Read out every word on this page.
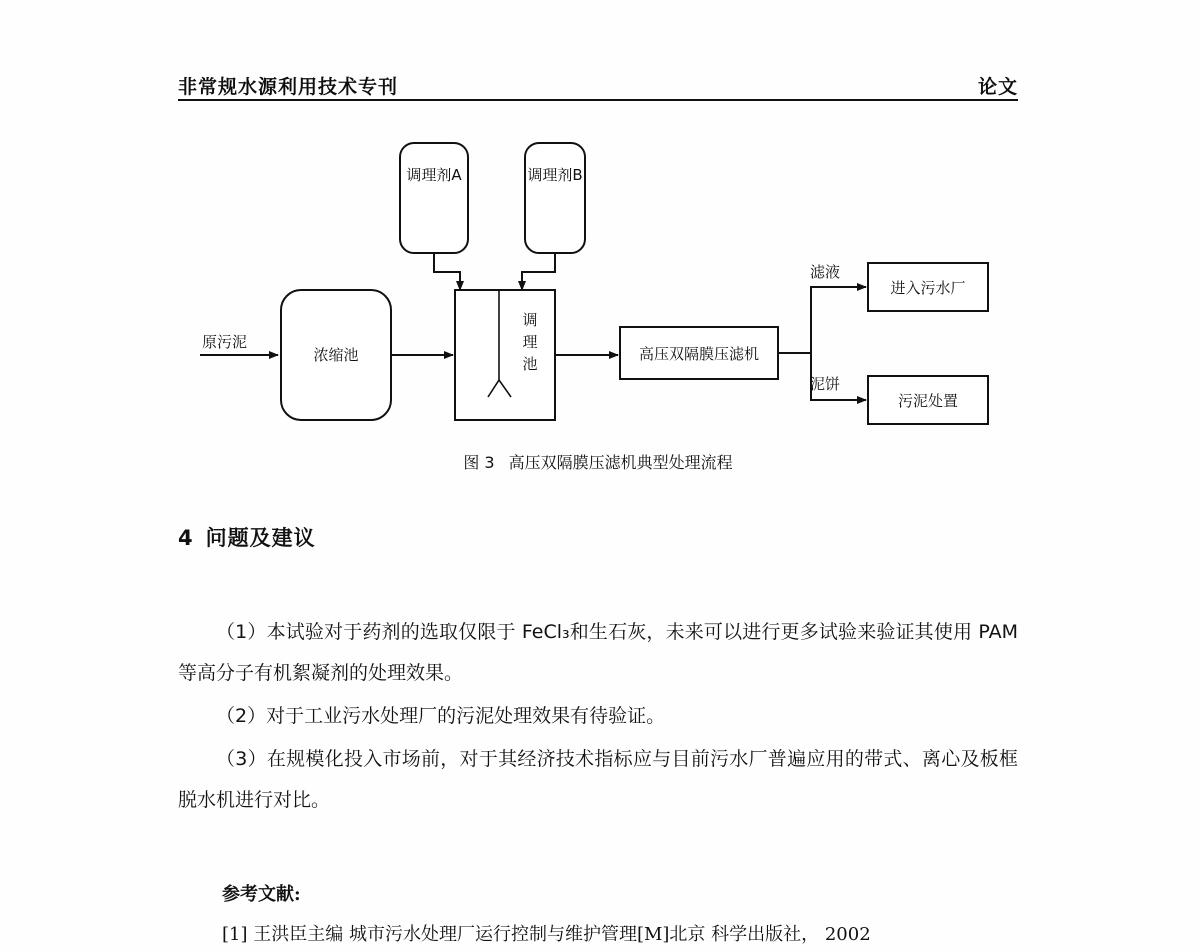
非常规水源利用技术专刊	论文
调理剂A	调理剂B
浓缩池
原污泥
调
理
池
高压双隔膜压滤机
滤液
泥饼
进入污水厂
污泥处置
图 3 高压双隔膜压滤机典型处理流程
4 问题及建议

（1）本试验对于药剂的选取仅限于 FeCl₃和生石灰，未来可以进行更多试验来验证其使用 PAM 等高分子有机絮凝剂的处理效果。

（2）对于工业污水处理厂的污泥处理效果有待验证。

（3）在规模化投入市场前，对于其经济技术指标应与目前污水厂普遍应用的带式、离心及板框脱水机进行对比。

参考文献:
[1] 王洪臣主编 城市污水处理厂运行控制与维护管理[M]北京 科学出版社， 2002
